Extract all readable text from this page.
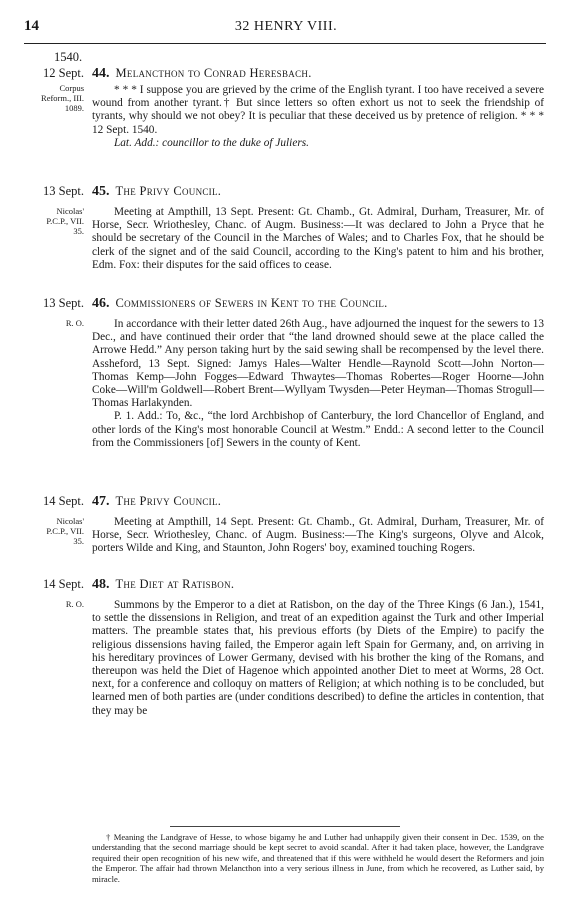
14	32 HENRY VIII.
1540.
12 Sept.
Corpus
Reform., III.
1089.
44. Melancthon to Conrad Heresbach.

* * * I suppose you are grieved by the crime of the English tyrant. I too have received a severe wound from another tyrant.† But since letters so often exhort us not to seek the friendship of tyrants, why should we not obey? It is peculiar that these deceived us by pretence of religion. * * * 12 Sept. 1540.

Lat. Add.: councillor to the duke of Juliers.

13 Sept.
Nicolas'
P.C.P., VII.
35.
45. The Privy Council.

Meeting at Ampthill, 13 Sept. Present: Gt. Chamb., Gt. Admiral, Durham, Treasurer, Mr. of Horse, Secr. Wriothesley, Chanc. of Augm. Business:—It was declared to John a Pryce that he should be secretary of the Council in the Marches of Wales; and to Charles Fox, that he should be clerk of the signet and of the said Council, according to the King's patent to him and his brother, Edm. Fox: their disputes for the said offices to cease.

13 Sept.
R. O.
46. Commissioners of Sewers in Kent to the Council.

In accordance with their letter dated 26th Aug., have adjourned the inquest for the sewers to 13 Dec., and have continued their order that “the land drowned should sewe at the place called the Arrowe Hedd.” Any person taking hurt by the said sewing shall be recompensed by the level there. Assheford, 13 Sept. Signed: Jamys Hales—Walter Hendle—Raynold Scott—John Norton—Thomas Kemp—John Fogges—Edward Thwaytes—Thomas Robertes—Roger Hoorne—John Coke—Will'm Goldwell—Robert Brent—Wyllyam Twysden—Peter Heyman—Thomas Strogull—Thomas Harlakynden.

P. 1. Add.: To, &c., “the lord Archbishop of Canterbury, the lord Chancellor of England, and other lords of the King's most honorable Council at Westm.” Endd.: A second letter to the Council from the Commissioners [of] Sewers in the county of Kent.

14 Sept.
Nicolas'
P.C.P., VII.
35.
47. The Privy Council.

Meeting at Ampthill, 14 Sept. Present: Gt. Chamb., Gt. Admiral, Durham, Treasurer, Mr. of Horse, Secr. Wriothesley, Chanc. of Augm. Business:—The King's surgeons, Olyve and Alcok, porters Wilde and King, and Staunton, John Rogers' boy, examined touching Rogers.

14 Sept.
R. O.
48. The Diet at Ratisbon.

Summons by the Emperor to a diet at Ratisbon, on the day of the Three Kings (6 Jan.), 1541, to settle the dissensions in Religion, and treat of an expedition against the Turk and other Imperial matters. The preamble states that, his previous efforts (by Diets of the Empire) to pacify the religious dissensions having failed, the Emperor again left Spain for Germany, and, on arriving in his hereditary provinces of Lower Germany, devised with his brother the king of the Romans, and thereupon was held the Diet of Hagenoe which appointed another Diet to meet at Worms, 28 Oct. next, for a conference and colloquy on matters of Religion; at which nothing is to be concluded, but learned men of both parties are (under conditions described) to define the articles in contention, that they may be

† Meaning the Landgrave of Hesse, to whose bigamy he and Luther had unhappily given their consent in Dec. 1539, on the understanding that the second marriage should be kept secret to avoid scandal. After it had taken place, however, the Landgrave required their open recognition of his new wife, and threatened that if this were withheld he would desert the Reformers and join the Emperor. The affair had thrown Melancthon into a very serious illness in June, from which he recovered, as Luther said, by miracle.
